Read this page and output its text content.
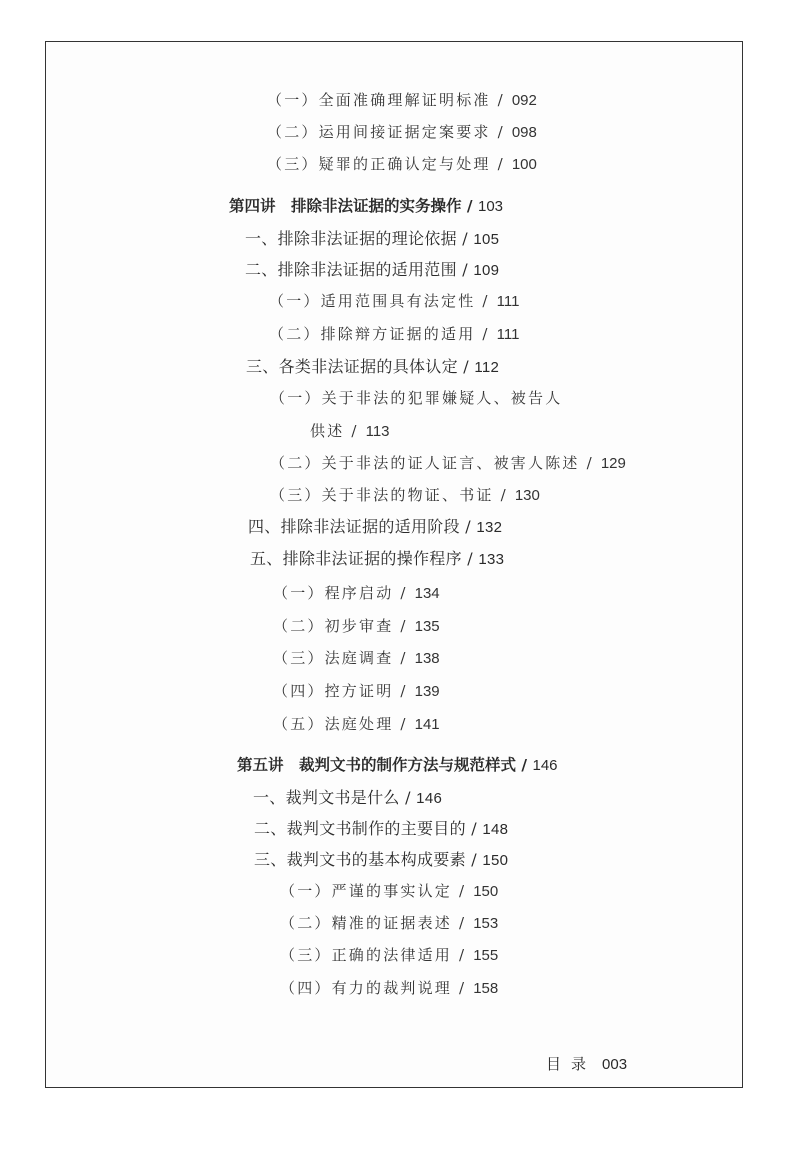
（一）全面准确理解证明标准 / 092
（二）运用间接证据定案要求 / 098
（三）疑罪的正确认定与处理 / 100
第四讲　排除非法证据的实务操作 / 103
一、排除非法证据的理论依据 / 105
二、排除非法证据的适用范围 / 109
（一）适用范围具有法定性 / 111
（二）排除辩方证据的适用 / 111
三、各类非法证据的具体认定 / 112
（一）关于非法的犯罪嫌疑人、被告人
供述 / 113
（二）关于非法的证人证言、被害人陈述 / 129
（三）关于非法的物证、书证 / 130
四、排除非法证据的适用阶段 / 132
五、排除非法证据的操作程序 / 133
（一）程序启动 / 134
（二）初步审查 / 135
（三）法庭调查 / 138
（四）控方证明 / 139
（五）法庭处理 / 141
第五讲　裁判文书的制作方法与规范样式 / 146
一、裁判文书是什么 / 146
二、裁判文书制作的主要目的 / 148
三、裁判文书的基本构成要素 / 150
（一）严谨的事实认定 / 150
（二）精准的证据表述 / 153
（三）正确的法律适用 / 155
（四）有力的裁判说理 / 158
目录 003
